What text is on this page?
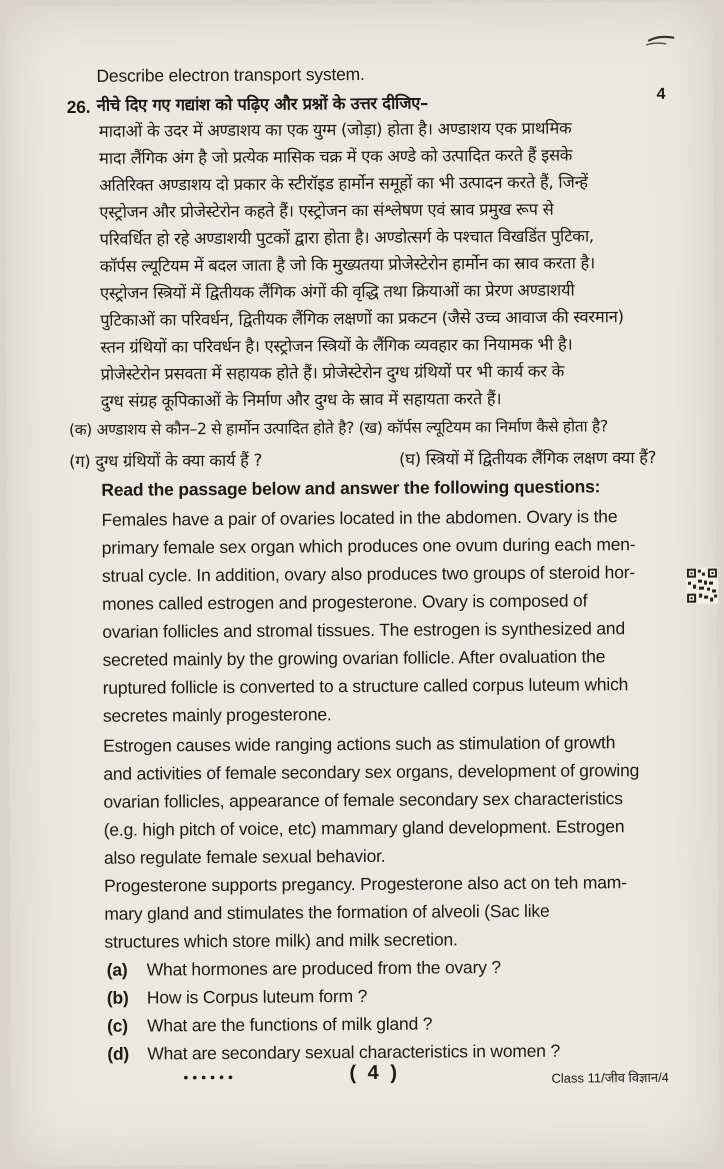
Describe electron transport system.
26. नीचे दिए गए गद्यांश को पढ़िए और प्रश्नों के उत्तर दीजिए–	4
मादाओं के उदर में अण्डाशय का एक युग्म (जोड़ा) होता है। अण्डाशय एक प्राथमिक
मादा लैंगिक अंग है जो प्रत्येक मासिक चक्र में एक अण्डे को उत्पादित करते हैं इसके
अतिरिक्त अण्डाशय दो प्रकार के स्टीरॉइड हार्मोन समूहों का भी उत्पादन करते हैं, जिन्हें
एस्ट्रोजन और प्रोजेस्टेरोन कहते हैं। एस्ट्रोजन का संश्लेषण एवं स्राव प्रमुख रूप से
परिवर्धित हो रहे अण्डाशयी पुटकों द्वारा होता है। अण्डोत्सर्ग के पश्चात विखडिंत पुटिका,
कॉर्पस ल्यूटियम में बदल जाता है जो कि मुख्यतया प्रोजेस्टेरोन हार्मोन का स्राव करता है।
एस्ट्रोजन स्त्रियों में द्वितीयक लैंगिक अंगों की वृद्धि तथा क्रियाओं का प्रेरण अण्डाशयी
पुटिकाओं का परिवर्धन, द्वितीयक लैंगिक लक्षणों का प्रकटन (जैसे उच्च आवाज की स्वरमान)
स्तन ग्रंथियों का परिवर्धन है। एस्ट्रोजन स्त्रियों के लैंगिक व्यवहार का नियामक भी है।
प्रोजेस्टेरोन प्रसवता में सहायक होते हैं। प्रोजेस्टेरोन दुग्ध ग्रंथियों पर भी कार्य कर के
दुग्ध संग्रह कूपिकाओं के निर्माण और दुग्ध के स्राव में सहायता करते हैं।
(क) अण्डाशय से कौन–2 से हार्मोन उत्पादित होते है? (ख) कॉर्पस ल्यूटियम का निर्माण कैसे होता है?
(ग) दुग्ध ग्रंथियों के क्या कार्य हैं ?	(घ) स्त्रियों में द्वितीयक लैंगिक लक्षण क्या हैं?
Read the passage below and answer the following questions:
Females have a pair of ovaries located in the abdomen. Ovary is the
primary female sex organ which produces one ovum during each men-
strual cycle. In addition, ovary also produces two groups of steroid hor-
mones called estrogen and progesterone. Ovary is composed of
ovarian follicles and stromal tissues. The estrogen is synthesized and
secreted mainly by the growing ovarian follicle. After ovaluation the
ruptured follicle is converted to a structure called corpus luteum which
secretes mainly progesterone.
Estrogen causes wide ranging actions such as stimulation of growth
and activities of female secondary sex organs, development of growing
ovarian follicles, appearance of female secondary sex characteristics
(e.g. high pitch of voice, etc) mammary gland development. Estrogen
also regulate female sexual behavior.
Progesterone supports pregancy. Progesterone also act on teh mam-
mary gland and stimulates the formation of alveoli (Sac like
structures which store milk) and milk secretion.
(a) What hormones are produced from the ovary ?
(b) How is Corpus luteum form ?
(c) What are the functions of milk gland ?
(d) What are secondary sexual characteristics in women ?
••••••	( 4 )	Class 11/जीव विज्ञान/4
